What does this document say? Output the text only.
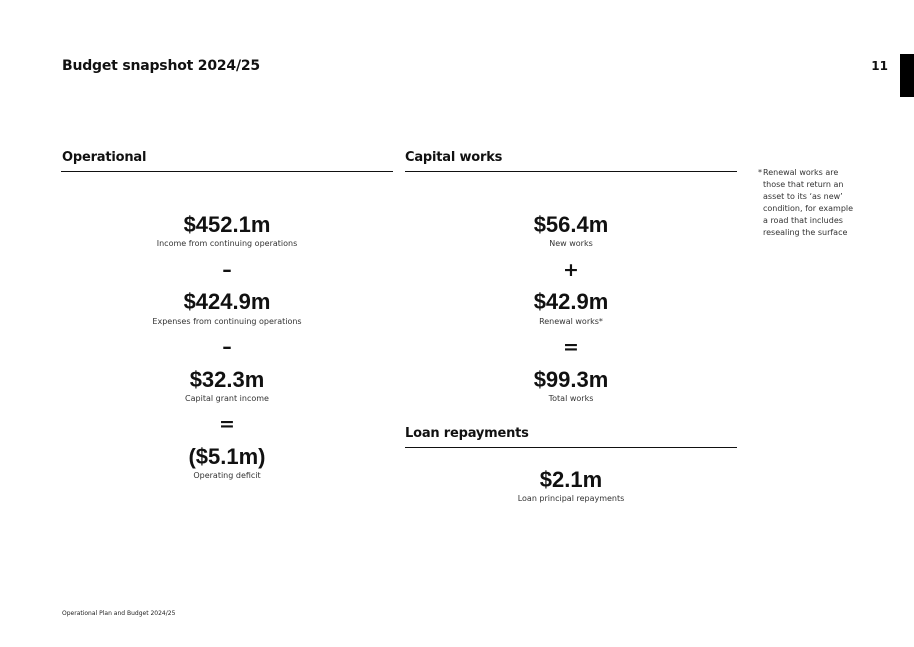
Budget snapshot 2024/25	11
Operational
$452.1m
Income from continuing operations
–
$424.9m
Expenses from continuing operations
–
$32.3m
Capital grant income
=
($5.1m)
Operating deficit
Capital works
$56.4m
New works
+
$42.9m
Renewal works*
=
$99.3m
Total works
Loan repayments
$2.1m
Loan principal repayments
* Renewal works are those that return an asset to its ‘as new’ condition, for example a road that includes resealing the surface
Operational Plan and Budget 2024/25
